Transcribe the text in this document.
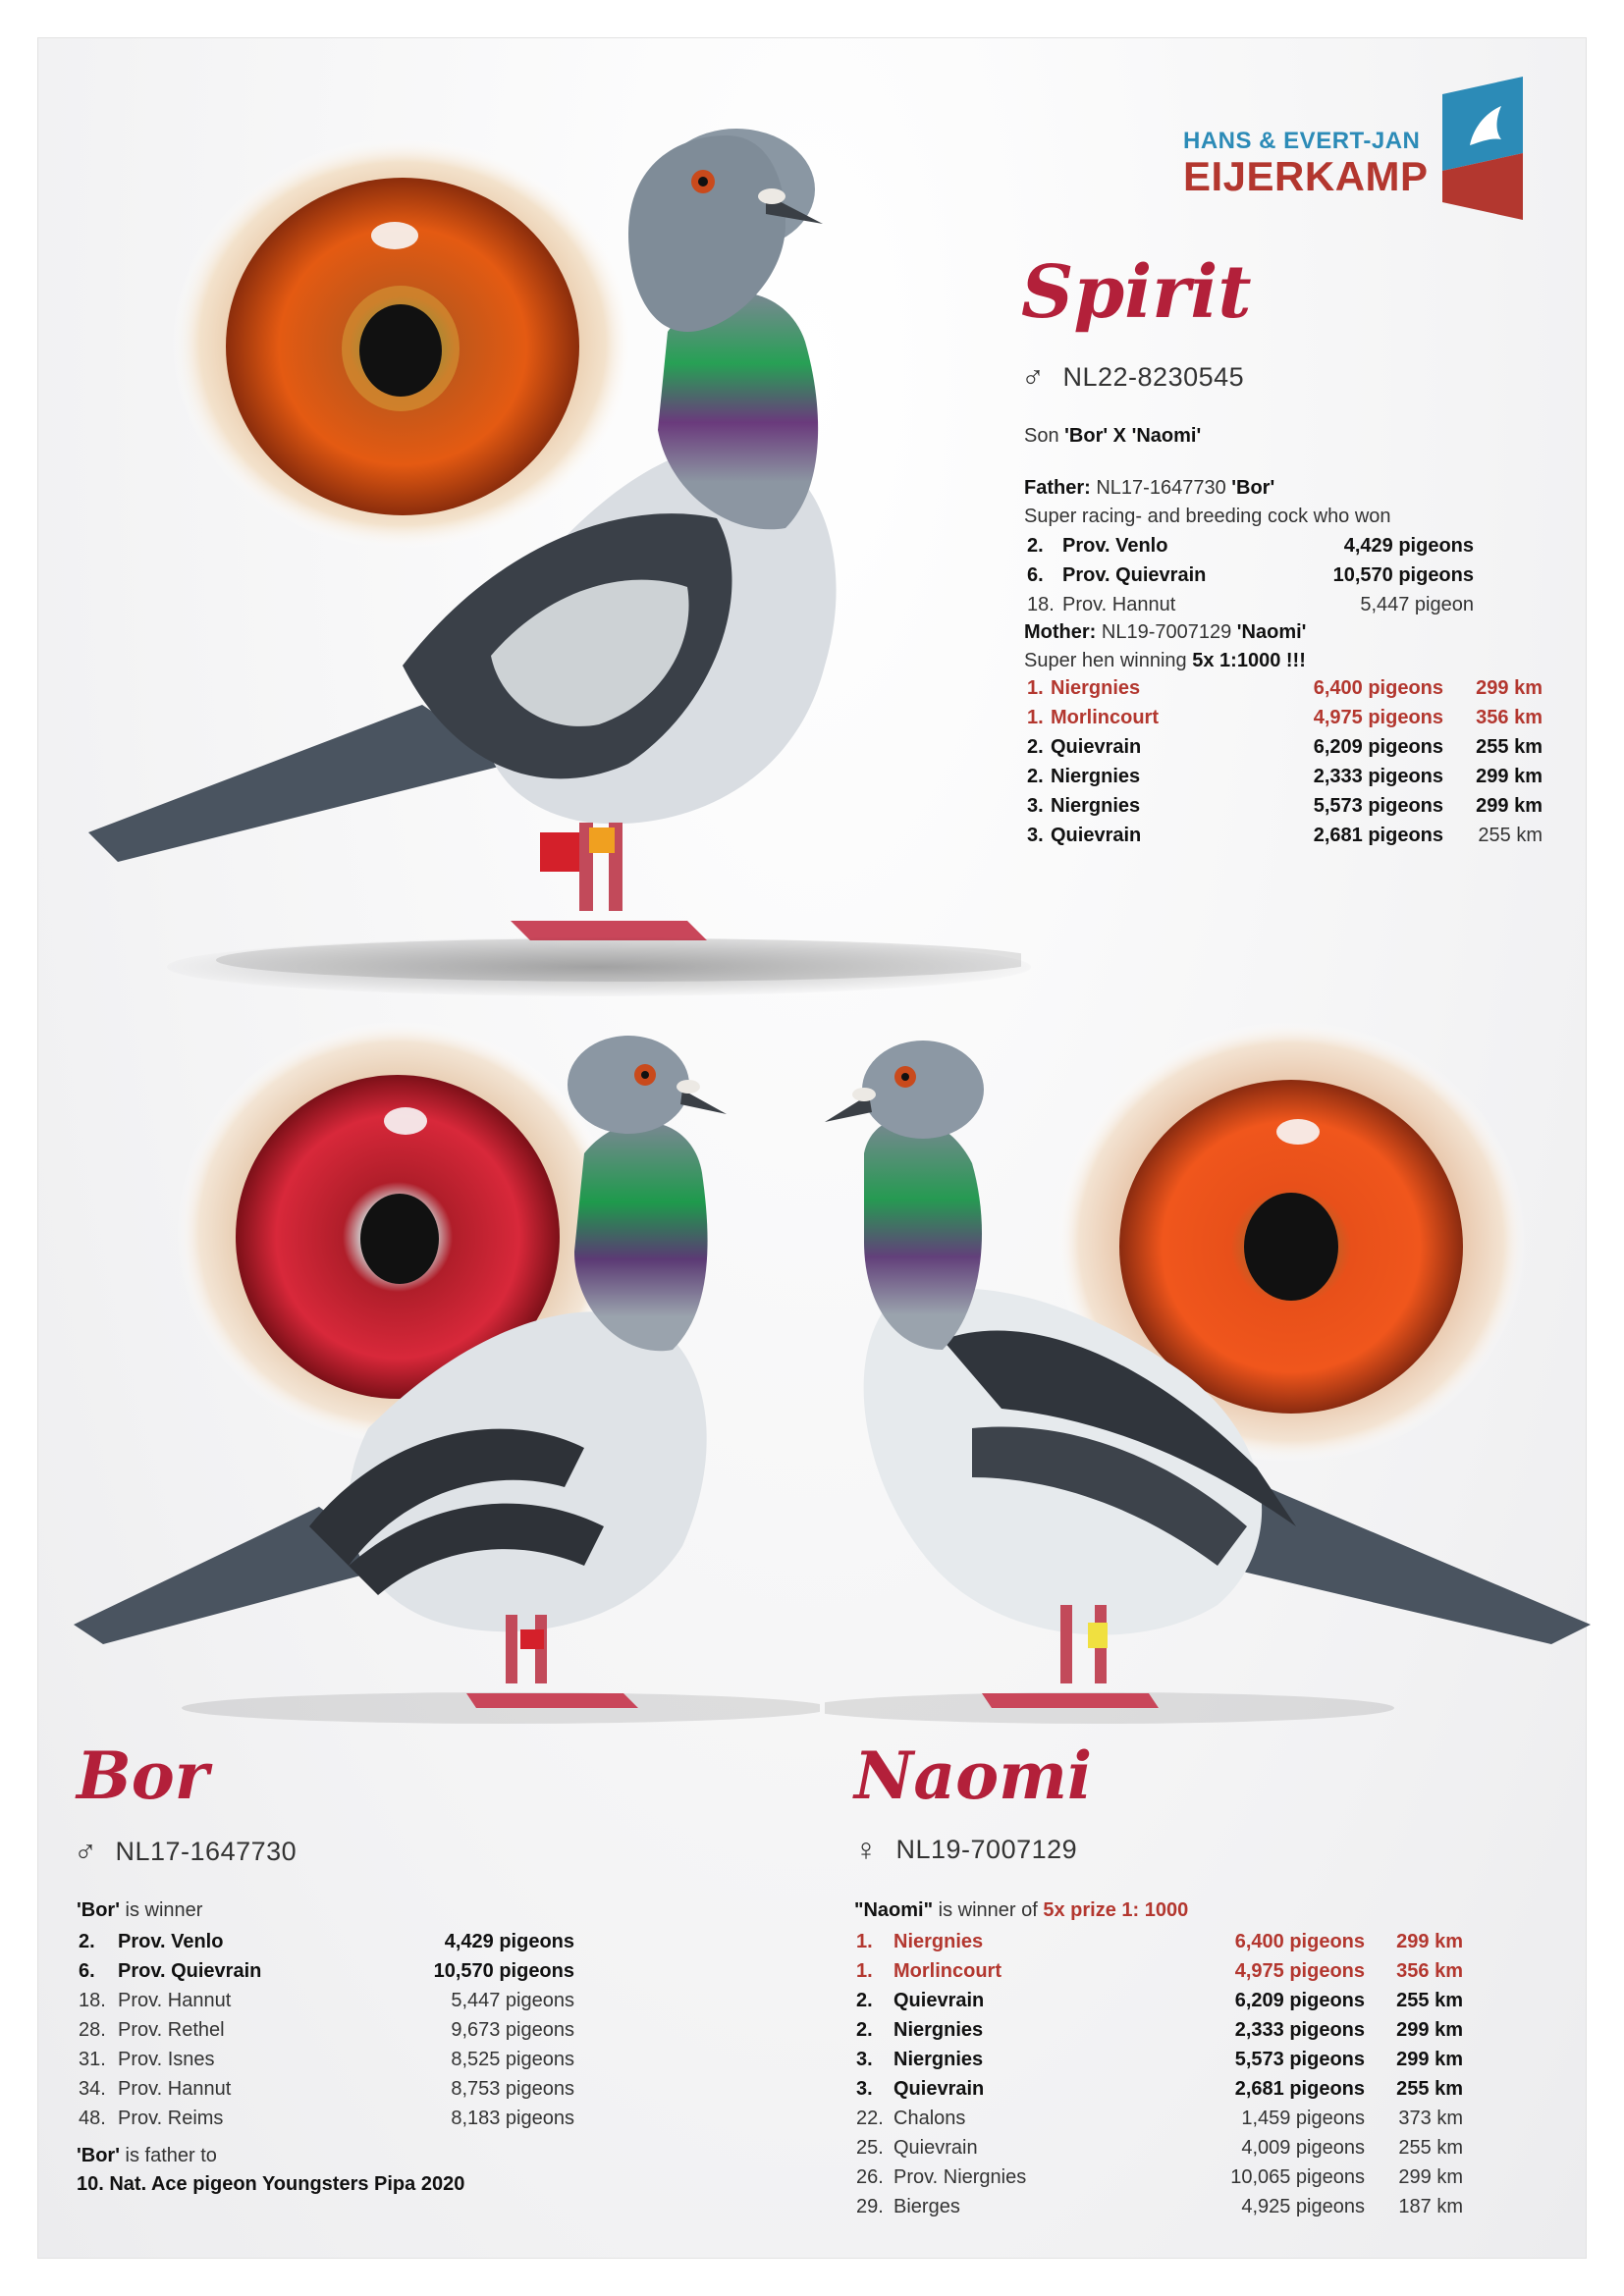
HANS & EVERT-JAN
EIJERKAMP
Spirit
♂ NL22-8230545
Son 'Bor' X 'Naomi'
Father: NL17-1647730 'Bor'
Super racing- and breeding cock who won
2.	Prov. Venlo	4,429 pigeons
6.	Prov. Quievrain	10,570 pigeons
18.	Prov. Hannut	5,447 pigeon
Mother: NL19-7007129 'Naomi'
Super hen winning 5x 1:1000 !!!
1.	Niergnies	6,400 pigeons	299 km
1.	Morlincourt	4,975 pigeons	356 km
2.	Quievrain	6,209 pigeons	255 km
2.	Niergnies	2,333 pigeons	299 km
3.	Niergnies	5,573 pigeons	299 km
3.	Quievrain	2,681 pigeons	255 km
Bor
♂ NL17-1647730
'Bor' is winner
2.	Prov. Venlo	4,429 pigeons
6.	Prov. Quievrain	10,570 pigeons
18.	Prov. Hannut	5,447 pigeons
28.	Prov. Rethel	9,673 pigeons
31.	Prov. Isnes	8,525 pigeons
34.	Prov. Hannut	8,753 pigeons
48.	Prov. Reims	8,183 pigeons
'Bor' is father to
10. Nat. Ace pigeon Youngsters Pipa 2020
Naomi
♀ NL19-7007129
"Naomi" is winner of 5x prize 1: 1000
1.	Niergnies	6,400 pigeons	299 km
1.	Morlincourt	4,975 pigeons	356 km
2.	Quievrain	6,209 pigeons	255 km
2.	Niergnies	2,333 pigeons	299 km
3.	Niergnies	5,573 pigeons	299 km
3.	Quievrain	2,681 pigeons	255 km
22.	Chalons	1,459 pigeons	373 km
25.	Quievrain	4,009 pigeons	255 km
26.	Prov. Niergnies	10,065 pigeons	299 km
29.	Bierges	4,925 pigeons	187 km
